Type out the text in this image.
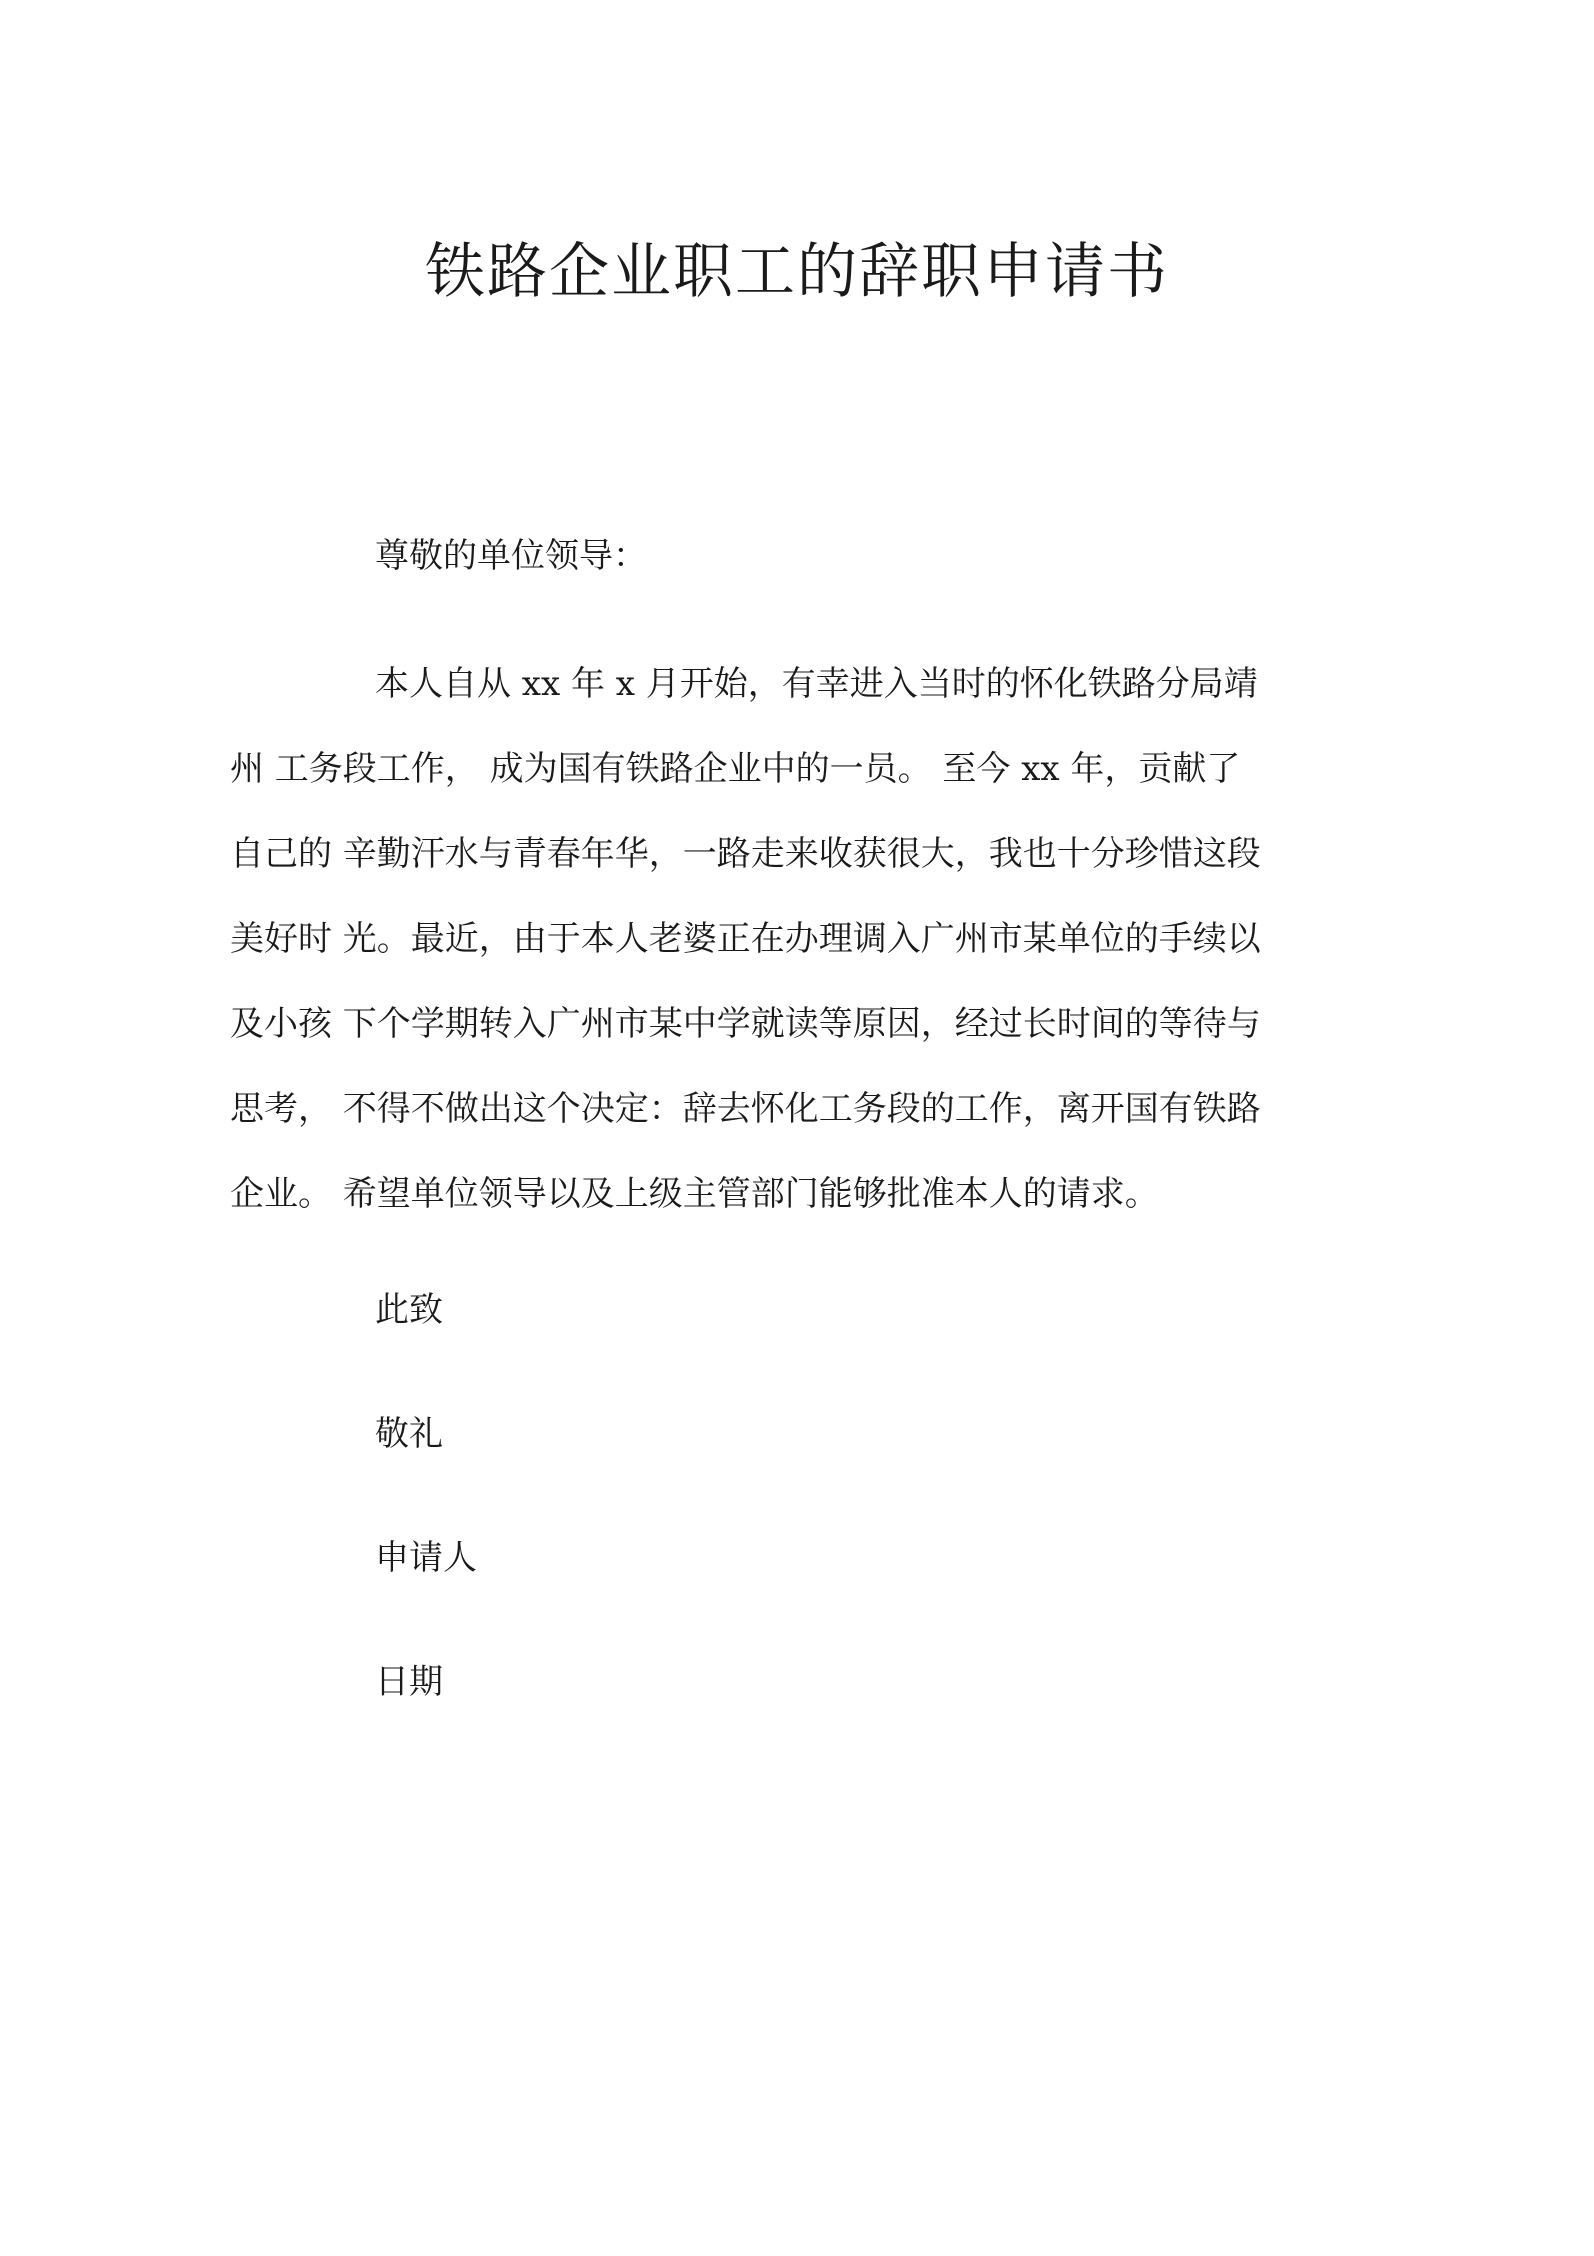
铁路企业职工的辞职申请书
尊敬的单位领导：
本人自从 xx 年 x 月开始，有幸进入当时的怀化铁路分局靖
州 工务段工作， 成为国有铁路企业中的一员。 至今 xx 年，贡献了
自己的 辛勤汗水与青春年华，一路走来收获很大，我也十分珍惜这段
美好时 光。最近，由于本人老婆正在办理调入广州市某单位的手续以
及小孩 下个学期转入广州市某中学就读等原因，经过长时间的等待与
思考， 不得不做出这个决定：辞去怀化工务段的工作，离开国有铁路
企业。 希望单位领导以及上级主管部门能够批准本人的请求。
此致
敬礼
申请人
日期
